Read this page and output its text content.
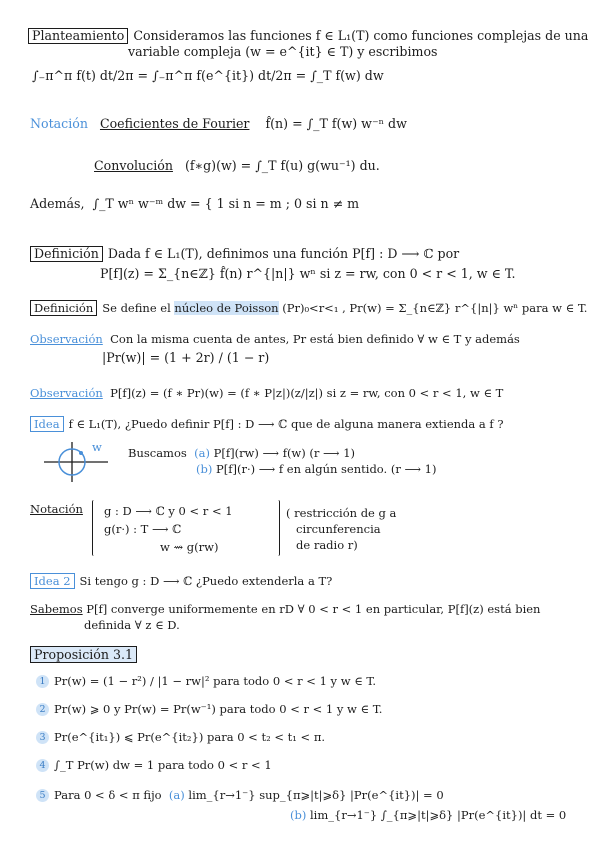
Planteamiento Consideramos las funciones f ∈ L₁(T) como funciones complejas de una
variable compleja (w = e^{it} ∈ T) y escribimos
∫₋π^π f(t) dt/2π = ∫₋π^π f(e^{it}) dt/2π = ∫_T f(w) dw
Notación Coeficientes de Fourier f̂(n) = ∫_T f(w) w⁻ⁿ dw
Convolución (f∗g)(w) = ∫_T f(u) g(wu⁻¹) du.
Además, ∫_T wⁿ w⁻ᵐ dw = { 1 si n = m ; 0 si n ≠ m
Definición Dada f ∈ L₁(T), definimos una función P[f] : D ⟶ ℂ por
P[f](z) = Σ_{n∈ℤ} f̂(n) r^{|n|} wⁿ si z = rw, con 0 < r < 1, w ∈ T.
Definición Se define el núcleo de Poisson (Pr)₀<r<₁ , Pr(w) = Σ_{n∈ℤ} r^{|n|} wⁿ para w ∈ T.
Observación Con la misma cuenta de antes, Pr está bien definido ∀ w ∈ T y además
|Pr(w)| = (1 + 2r) / (1 − r)
Observación P[f](z) = (f ∗ Pr)(w) = (f ∗ P|z|)(z/|z|) si z = rw, con 0 < r < 1, w ∈ T
Idea f ∈ L₁(T), ¿Puedo definir P[f] : D ⟶ ℂ que de alguna manera extienda a f ?
w Buscamos (a) P[f](rw) ⟶ f(w) (r ⟶ 1)
(b) P[f](r·) ⟶ f en algún sentido. (r ⟶ 1)
Notación g : D ⟶ ℂ y 0 < r < 1
g(r·) : T ⟶ ℂ
w ⇝ g(rw)
( restricción de g a
circunferencia
de radio r)
Idea 2 Si tengo g : D ⟶ ℂ ¿Puedo extenderla a T?
Sabemos P[f] converge uniformemente en rD ∀ 0 < r < 1 en particular, P[f](z) está bien
definida ∀ z ∈ D.
Proposición 3.1
1 Pr(w) = (1 − r²) / |1 − rw|² para todo 0 < r < 1 y w ∈ T.
2 Pr(w) ⩾ 0 y Pr(w) = Pr(w⁻¹) para todo 0 < r < 1 y w ∈ T.
3 Pr(e^{it₁}) ⩽ Pr(e^{it₂}) para 0 < t₂ < t₁ < π.
4 ∫_T Pr(w) dw = 1 para todo 0 < r < 1
5 Para 0 < δ < π fijo (a) lim_{r→1⁻} sup_{π⩾|t|⩾δ} |Pr(e^{it})| = 0
(b) lim_{r→1⁻} ∫_{π⩾|t|⩾δ} |Pr(e^{it})| dt = 0
